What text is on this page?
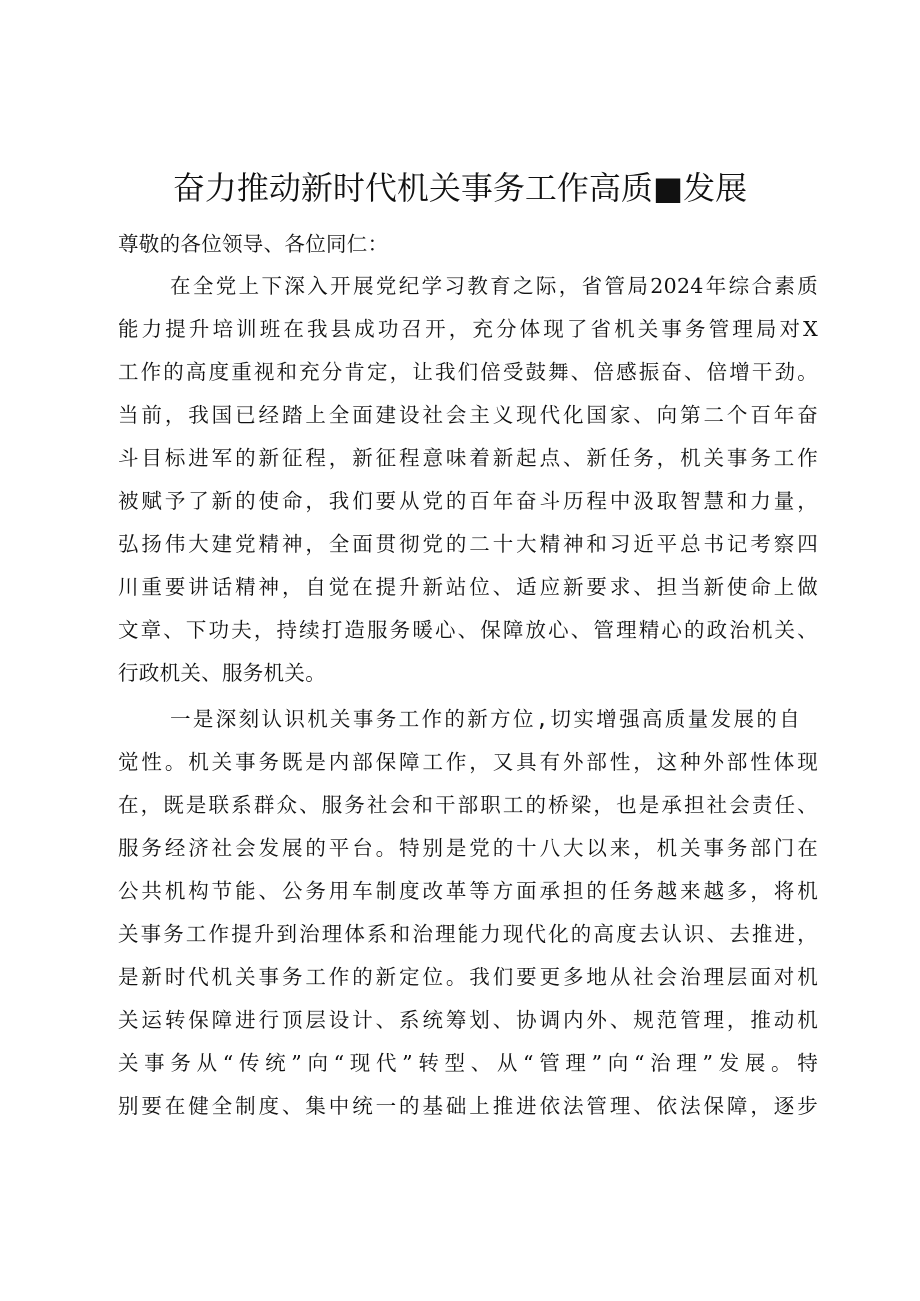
奋力推动新时代机关事务工作高质■发展
尊敬的各位领导、各位同仁：
在全党上下深入开展党纪学习教育之际，省管局2024年综合素质
能力提升培训班在我县成功召开，充分体现了省机关事务管理局对X
工作的高度重视和充分肯定，让我们倍受鼓舞、倍感振奋、倍增干劲。
当前，我国已经踏上全面建设社会主义现代化国家、向第二个百年奋
斗目标进军的新征程，新征程意味着新起点、新任务，机关事务工作
被赋予了新的使命，我们要从党的百年奋斗历程中汲取智慧和力量，
弘扬伟大建党精神，全面贯彻党的二十大精神和习近平总书记考察四
川重要讲话精神，自觉在提升新站位、适应新要求、担当新使命上做
文章、下功夫，持续打造服务暖心、保障放心、管理精心的政治机关、
行政机关、服务机关。
一是深刻认识机关事务工作的新方位,切实增强高质量发展的自
觉性。机关事务既是内部保障工作，又具有外部性，这种外部性体现
在，既是联系群众、服务社会和干部职工的桥梁，也是承担社会责任、
服务经济社会发展的平台。特别是党的十八大以来，机关事务部门在
公共机构节能、公务用车制度改革等方面承担的任务越来越多，将机
关事务工作提升到治理体系和治理能力现代化的高度去认识、去推进，
是新时代机关事务工作的新定位。我们要更多地从社会治理层面对机
关运转保障进行顶层设计、系统筹划、协调内外、规范管理，推动机
关事务从“传统”向“现代”转型、从“管理”向“治理”发展。特
别要在健全制度、集中统一的基础上推进依法管理、依法保障，逐步
